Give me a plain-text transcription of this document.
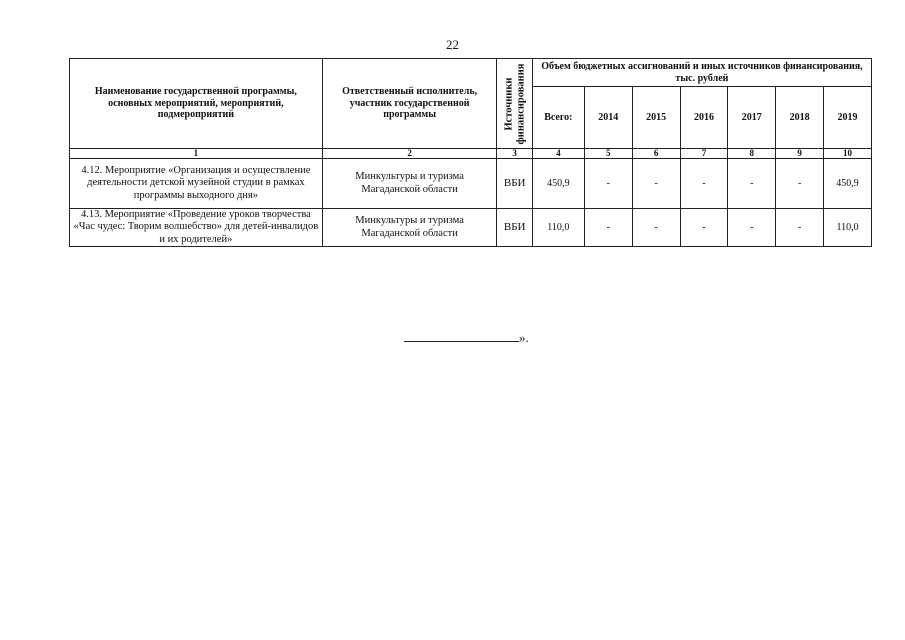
22
Наименование государственной программы, основных мероприятий, мероприятий, подмероприятий	Ответственный исполнитель, участник государственной программы	Источники финансирования	Объем бюджетных ассигнований и иных источников финансирования, тыс. рублей						
			Всего:	2014	2015	2016	2017	2018	2019
1	2	3	4	5	6	7	8	9	10
4.12. Мероприятие «Организация и осуществление деятельности детской музейной студии в рамках программы выходного дня»	Минкультуры и туризма Магаданской области	ВБИ	450,9	-	-	-	-	-	450,9
4.13. Мероприятие «Проведение уроков творчества «Час чудес: Творим волшебство» для детей-инвалидов и их родителей»	Минкультуры и туризма Магаданской области	ВБИ	110,0	-	-	-	-	-	110,0
».
